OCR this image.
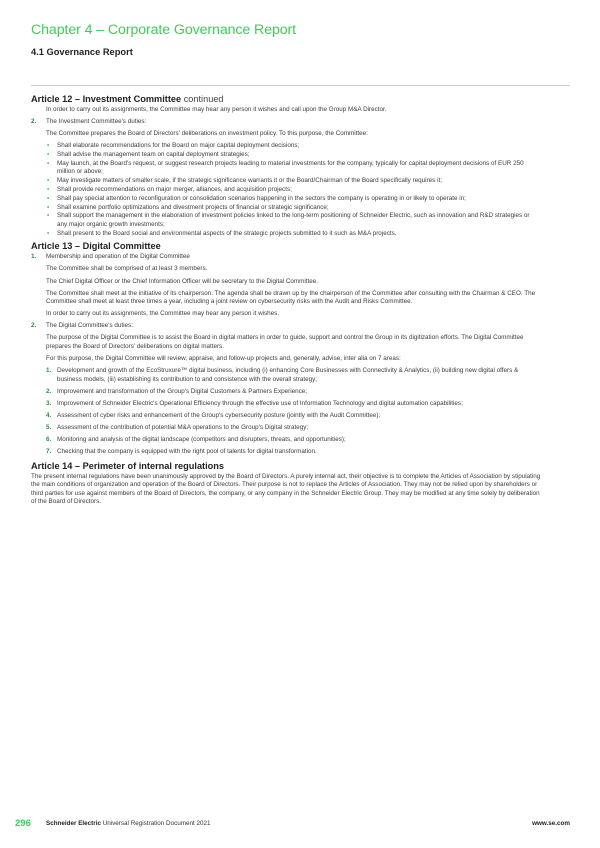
Chapter 4 – Corporate Governance Report
4.1 Governance Report
Article 12 – Investment Committee continued

In order to carry out its assignments, the Committee may hear any person it wishes and call upon the Group M&A Director.

2. The Investment Committee's duties:

The Committee prepares the Board of Directors' deliberations on investment policy. To this purpose, the Committee:

• Shall elaborate recommendations for the Board on major capital deployment decisions;
• Shall advise the management team on capital deployment strategies;
• May launch, at the Board's request, or suggest research projects leading to material investments for the company, typically for capital deployment decisions of EUR 250 million or above;
• May investigate matters of smaller scale, if the strategic significance warrants it or the Board/Chairman of the Board specifically requires it;
• Shall provide recommendations on major merger, alliances, and acquisition projects;
• Shall pay special attention to reconfiguration or consolidation scenarios happening in the sectors the company is operating in or likely to operate in;
• Shall examine portfolio optimizations and divestment projects of financial or strategic significance;
• Shall support the management in the elaboration of investment policies linked to the long-term positioning of Schneider Electric, such as innovation and R&D strategies or any major organic growth investments;
• Shall present to the Board social and environmental aspects of the strategic projects submitted to it such as M&A projects.
Article 13 – Digital Committee
1. Membership and operation of the Digital Committee

The Committee shall be comprised of at least 3 members.

The Chief Digital Officer or the Chief Information Officer will be secretary to the Digital Committee.

The Committee shall meet at the initiative of its chairperson. The agenda shall be drawn up by the chairperson of the Committee after consulting with the Chairman & CEO. The Committee shall meet at least three times a year, including a joint review on cybersecurity risks with the Audit and Risks Committee.

In order to carry out its assignments, the Committee may hear any person it wishes.

2. The Digital Committee's duties:

The purpose of the Digital Committee is to assist the Board in digital matters in order to guide, support and control the Group in its digitization efforts. The Digital Committee prepares the Board of Directors' deliberations on digital matters.

For this purpose, the Digital Committee will review, appraise, and follow-up projects and, generally, advise, inter alia on 7 areas:

1. Development and growth of the EcoStruxure™ digital business, including (i) enhancing Core Businesses with Connectivity & Analytics, (ii) building new digital offers & business models, (iii) establishing its contribution to and consistence with the overall strategy;
2. Improvement and transformation of the Group's Digital Customers & Partners Experience;
3. Improvement of Schneider Electric's Operational Efficiency through the effective use of Information Technology and digital automation capabilities;
4. Assessment of cyber risks and enhancement of the Group's cybersecurity posture (jointly with the Audit Committee);
5. Assessment of the contribution of potential M&A operations to the Group's Digital strategy;
6. Monitoring and analysis of the digital landscape (competitors and disrupters, threats, and opportunities);
7. Checking that the company is equipped with the right pool of talents for digital transformation.
Article 14 – Perimeter of internal regulations

The present internal regulations have been unanimously approved by the Board of Directors. A purely internal act, their objective is to complete the Articles of Association by stipulating the main conditions of organization and operation of the Board of Directors. Their purpose is not to replace the Articles of Association. They may not be relied upon by shareholders or third parties for use against members of the Board of Directors, the company, or any company in the Schneider Electric Group. They may be modified at any time solely by deliberation of the Board of Directors.

296 Schneider Electric Universal Registration Document 2021	www.se.com
